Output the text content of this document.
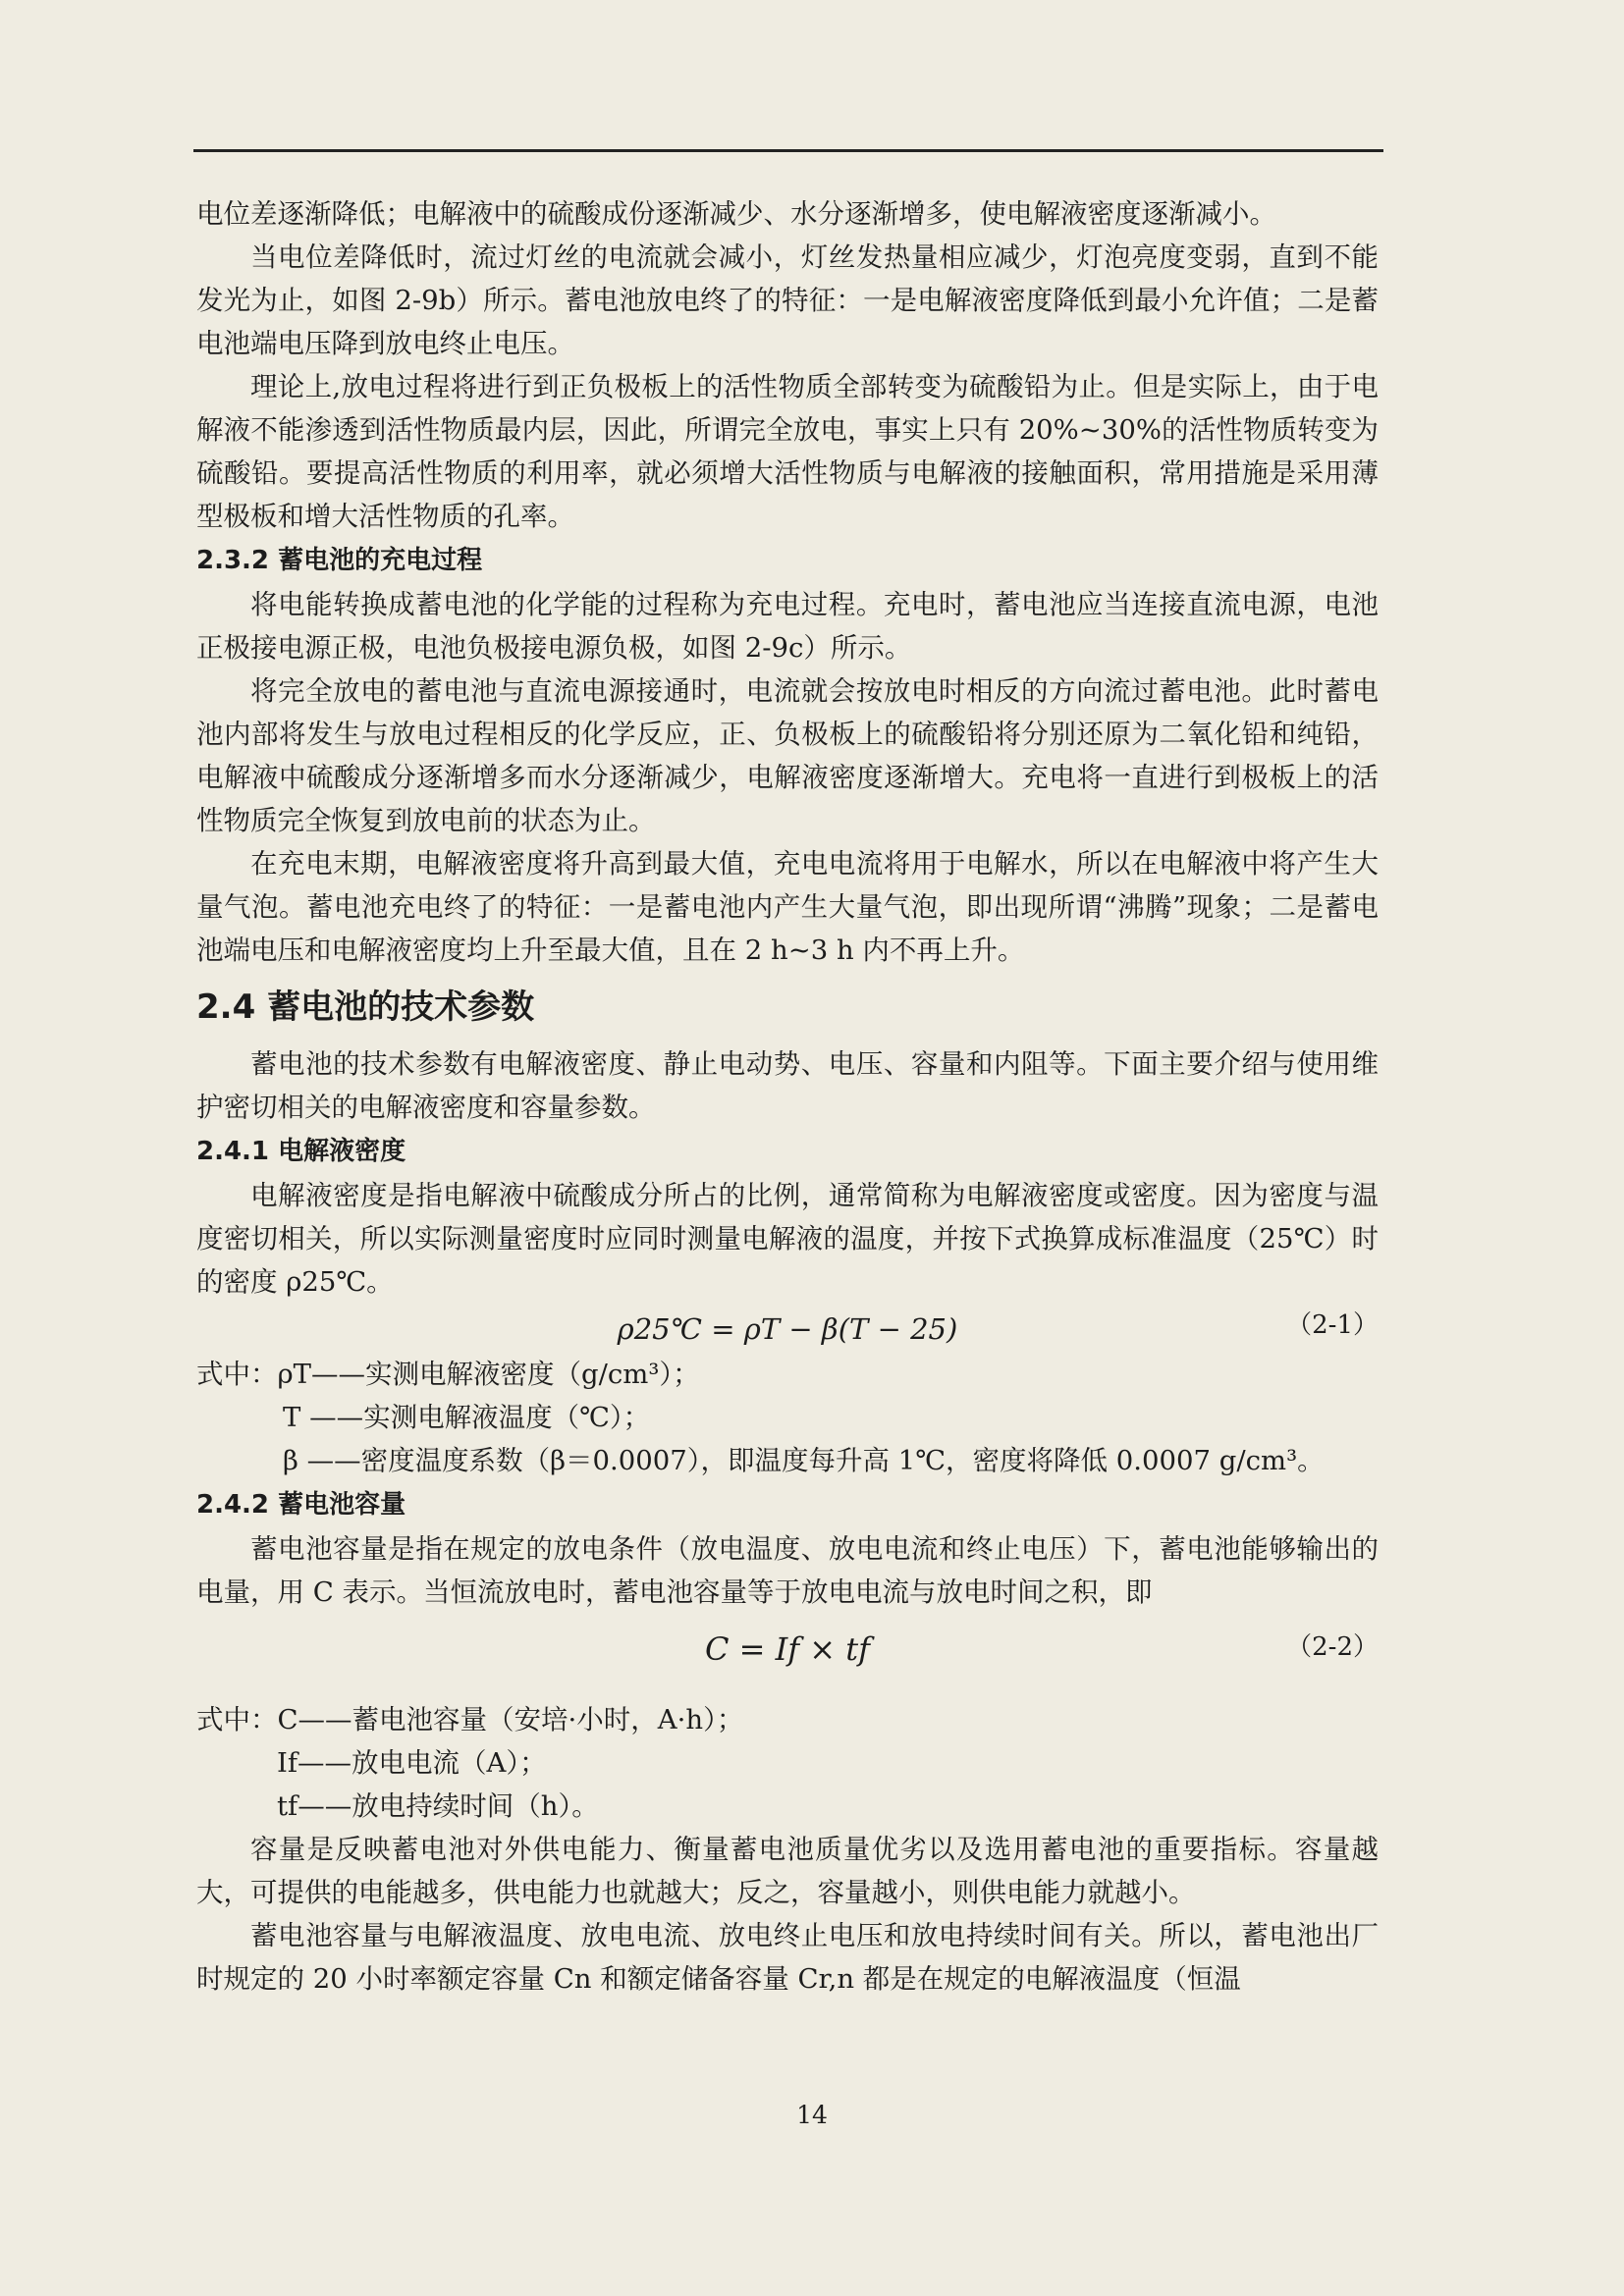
电位差逐渐降低；电解液中的硫酸成份逐渐减少、水分逐渐增多，使电解液密度逐渐减小。

当电位差降低时，流过灯丝的电流就会减小，灯丝发热量相应减少，灯泡亮度变弱，直到不能发光为止，如图 2-9b）所示。蓄电池放电终了的特征：一是电解液密度降低到最小允许值；二是蓄电池端电压降到放电终止电压。

理论上,放电过程将进行到正负极板上的活性物质全部转变为硫酸铅为止。但是实际上，由于电解液不能渗透到活性物质最内层，因此，所谓完全放电，事实上只有 20%~30%的活性物质转变为硫酸铅。要提高活性物质的利用率，就必须增大活性物质与电解液的接触面积，常用措施是采用薄型极板和增大活性物质的孔率。

2.3.2 蓄电池的充电过程

将电能转换成蓄电池的化学能的过程称为充电过程。充电时，蓄电池应当连接直流电源，电池正极接电源正极，电池负极接电源负极，如图 2-9c）所示。

将完全放电的蓄电池与直流电源接通时，电流就会按放电时相反的方向流过蓄电池。此时蓄电池内部将发生与放电过程相反的化学反应，正、负极板上的硫酸铅将分别还原为二氧化铅和纯铅，电解液中硫酸成分逐渐增多而水分逐渐减少，电解液密度逐渐增大。充电将一直进行到极板上的活性物质完全恢复到放电前的状态为止。

在充电末期，电解液密度将升高到最大值，充电电流将用于电解水，所以在电解液中将产生大量气泡。蓄电池充电终了的特征：一是蓄电池内产生大量气泡，即出现所谓“沸腾”现象；二是蓄电池端电压和电解液密度均上升至最大值，且在 2 h~3 h 内不再上升。

2.4 蓄电池的技术参数

蓄电池的技术参数有电解液密度、静止电动势、电压、容量和内阻等。下面主要介绍与使用维护密切相关的电解液密度和容量参数。

2.4.1 电解液密度

电解液密度是指电解液中硫酸成分所占的比例，通常简称为电解液密度或密度。因为密度与温度密切相关，所以实际测量密度时应同时测量电解液的温度，并按下式换算成标准温度（25℃）时的密度 ρ25℃。

ρ25℃ = ρT − β(T − 25)	（2-1）
式中：ρT——实测电解液密度（g/cm³）；
T ——实测电解液温度（℃）；
β ——密度温度系数（β＝0.0007），即温度每升高 1℃，密度将降低 0.0007 g/cm³。
2.4.2 蓄电池容量

蓄电池容量是指在规定的放电条件（放电温度、放电电流和终止电压）下，蓄电池能够输出的电量，用 C 表示。当恒流放电时，蓄电池容量等于放电电流与放电时间之积，即

C = If × tf	（2-2）
式中：C——蓄电池容量（安培·小时，A·h）；
If——放电电流（A）；
tf——放电持续时间（h）。

容量是反映蓄电池对外供电能力、衡量蓄电池质量优劣以及选用蓄电池的重要指标。容量越大，可提供的电能越多，供电能力也就越大；反之，容量越小，则供电能力就越小。

蓄电池容量与电解液温度、放电电流、放电终止电压和放电持续时间有关。所以，蓄电池出厂时规定的 20 小时率额定容量 Cn 和额定储备容量 Cr,n 都是在规定的电解液温度（恒温

14
